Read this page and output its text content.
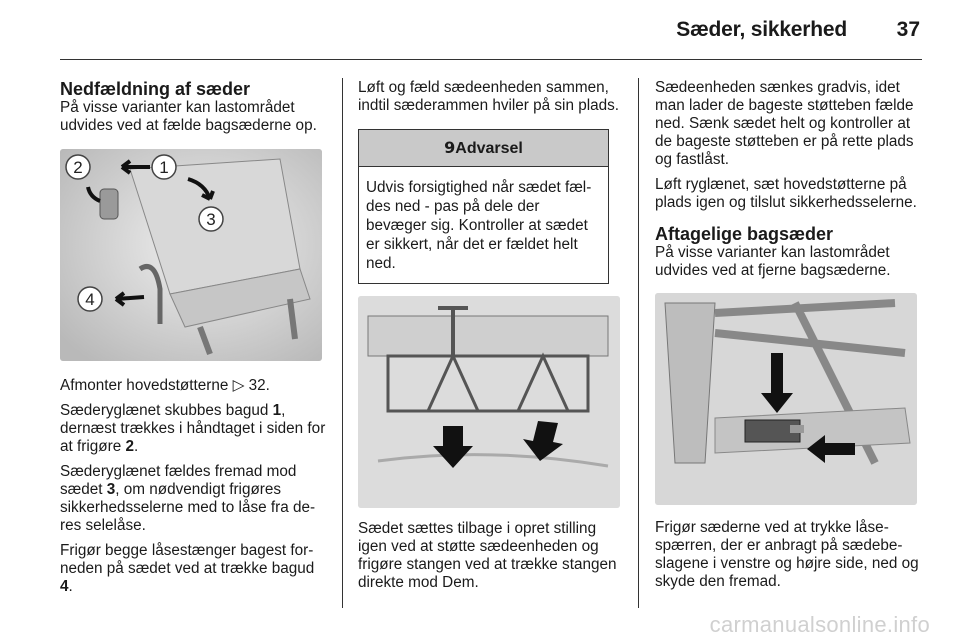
Sæder, sikkerhed 37
Nedfældning af sæder

På visse varianter kan lastområdet udvides ved at fælde bagsæderne op.

1
2
3
4

Afmonter hovedstøtterne ▷ 32.

Sæderyglænet skubbes bagud 1, dernæst trækkes i håndtaget i siden for at frigøre 2.

Sæderyglænet fældes fremad mod sædet 3, om nødvendigt frigøres sikkerhedsselerne med to låse fra deres selelåse.

Frigør begge låsestænger bagest forneden på sædet ved at trække bagud 4.

Løft og fæld sædeenheden sammen, indtil sæderammen hviler på sin plads.

9Advarsel
Udvis forsigtighed når sædet fældes ned - pas på dele der bevæger sig. Kontroller at sædet er sikkert, når det er fældet helt ned.

Sædet sættes tilbage i opret stilling igen ved at støtte sædeenheden og frigøre stangen ved at trække stangen direkte mod Dem.

Sædeenheden sænkes gradvis, idet man lader de bageste støtteben fælde ned. Sænk sædet helt og kontroller at de bageste støtteben er på rette plads og fastlåst.

Løft ryglænet, sæt hovedstøtterne på plads igen og tilslut sikkerhedsselerne.

Aftagelige bagsæder

På visse varianter kan lastområdet udvides ved at fjerne bagsæderne.

Frigør sæderne ved at trykke låsespærren, der er anbragt på sædebeslagene i venstre og højre side, ned og skyde den fremad.

carmanualsonline.info
